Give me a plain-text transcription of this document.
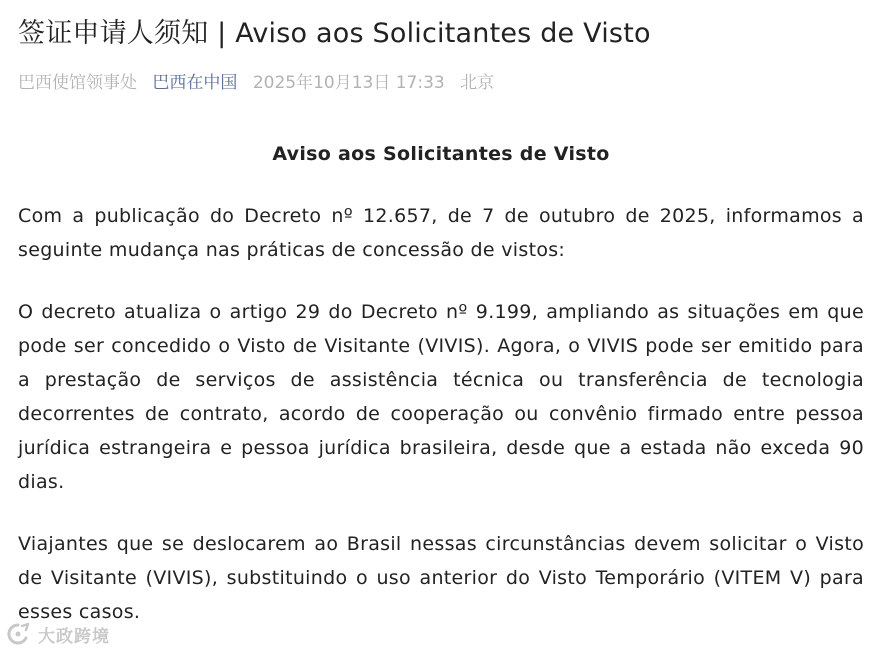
签证申请人须知 | Aviso aos Solicitantes de Visto
巴西使馆领事处 巴西在中国 2025年10月13日 17:33 北京
Aviso aos Solicitantes de Visto

Com a publicação do Decreto nº 12.657, de 7 de outubro de 2025, informamos a seguinte mudança nas práticas de concessão de vistos:

O decreto atualiza o artigo 29 do Decreto nº 9.199, ampliando as situações em que pode ser concedido o Visto de Visitante (VIVIS). Agora, o VIVIS pode ser emitido para a prestação de serviços de assistência técnica ou transferência de tecnologia decorrentes de contrato, acordo de cooperação ou convênio firmado entre pessoa jurídica estrangeira e pessoa jurídica brasileira, desde que a estada não exceda 90 dias.

Viajantes que se deslocarem ao Brasil nessas circunstâncias devem solicitar o Visto de Visitante (VIVIS), substituindo o uso anterior do Visto Temporário (VITEM V) para esses casos.

大政跨境
